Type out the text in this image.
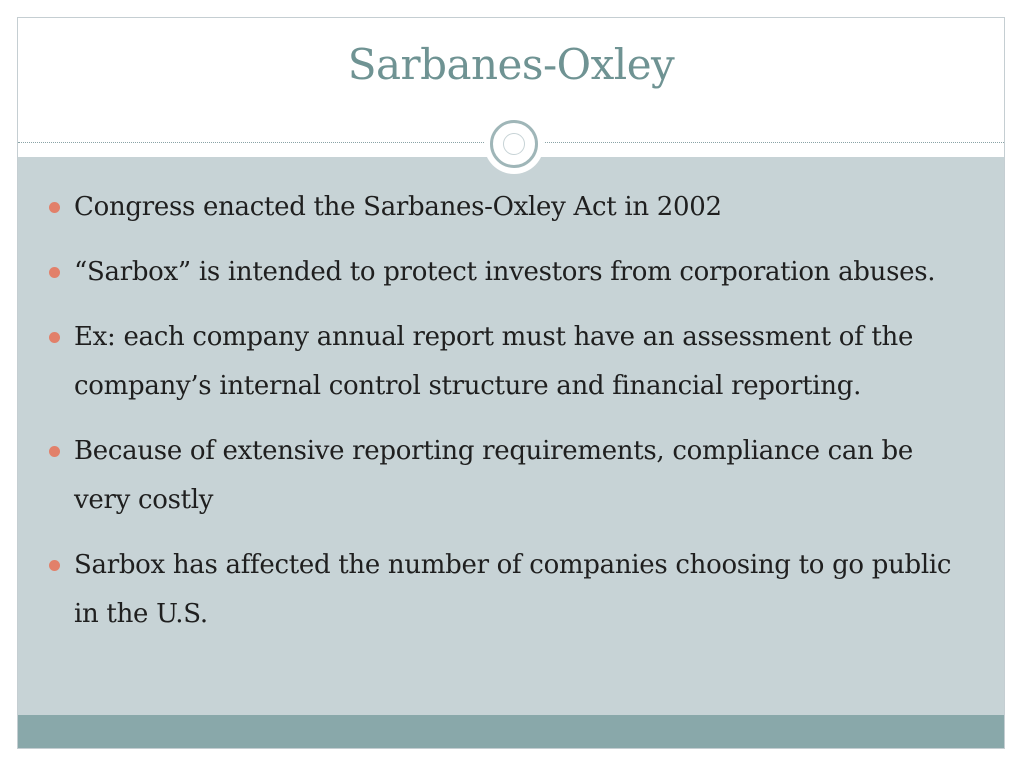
Sarbanes-Oxley
Congress enacted the Sarbanes-Oxley Act in 2002
“Sarbox” is intended to protect investors from corporation abuses.
Ex: each company annual report must have an assessment of the company’s internal control structure and financial reporting.
Because of extensive reporting requirements, compliance can be very costly
Sarbox has affected the number of companies choosing to go public in the U.S.
